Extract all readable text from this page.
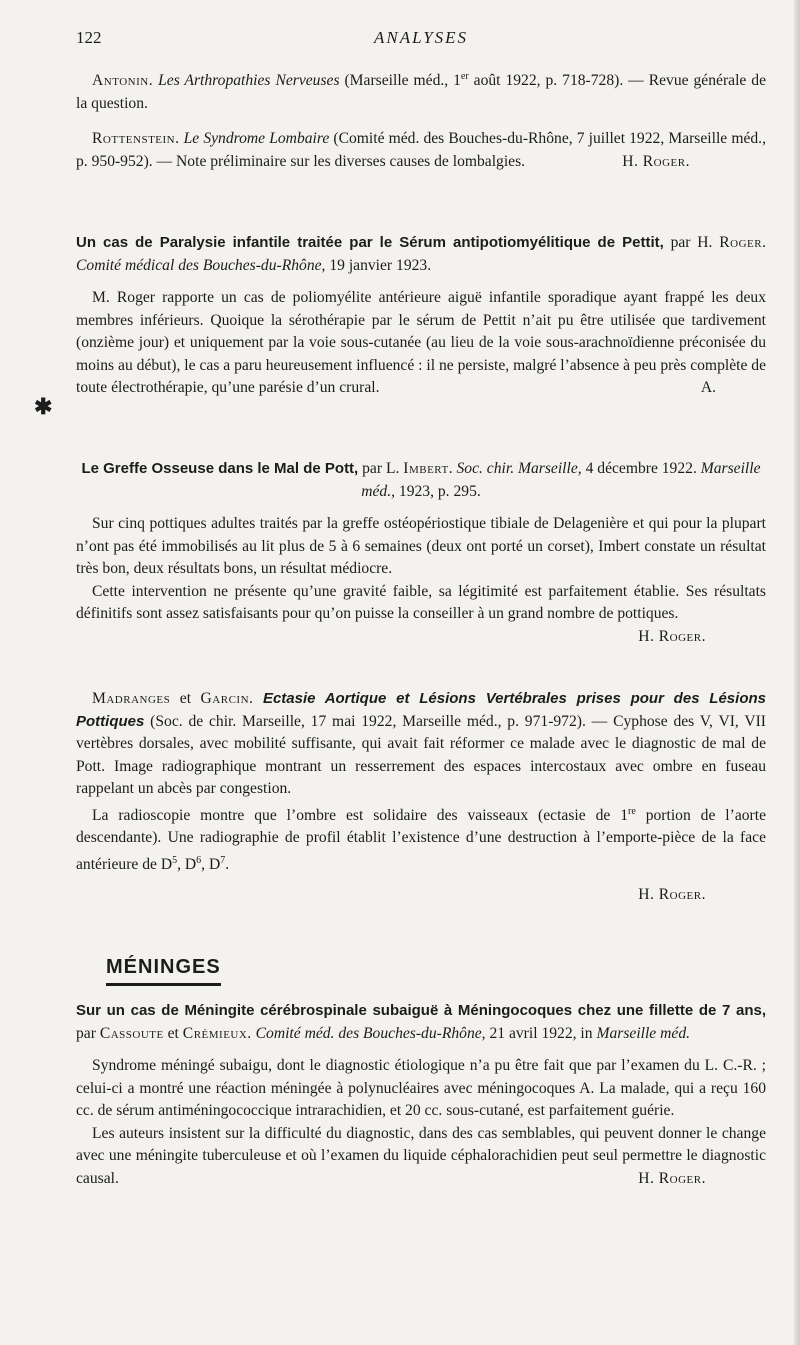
✱
122	ANALYSES

Antonin. Les Arthropathies Nerveuses (Marseille méd., 1er août 1922, p. 718-728). — Revue générale de la question.

Rottenstein. Le Syndrome Lombaire (Comité méd. des Bouches-du-Rhône, 7 juillet 1922, Marseille méd., p. 950-952). — Note préliminaire sur les diverses causes de lombalgies.	H. Roger.

Un cas de Paralysie infantile traitée par le Sérum antipotiomyélitique de Pettit, par H. Roger. Comité médical des Bouches-du-Rhône, 19 janvier 1923.

M. Roger rapporte un cas de poliomyélite antérieure aiguë infantile sporadique ayant frappé les deux membres inférieurs. Quoique la sérothérapie par le sérum de Pettit n’ait pu être utilisée que tardivement (onzième jour) et uniquement par la voie sous-cutanée (au lieu de la voie sous-arachnoïdienne préconisée du moins au début), le cas a paru heureusement influencé : il ne persiste, malgré l’absence à peu près complète de toute électrothérapie, qu’une parésie d’un crural.	A.

Le Greffe Osseuse dans le Mal de Pott, par L. Imbert. Soc. chir. Marseille, 4 décembre 1922. Marseille méd., 1923, p. 295.

Sur cinq pottiques adultes traités par la greffe ostéopériostique tibiale de Delagenière et qui pour la plupart n’ont pas été immobilisés au lit plus de 5 à 6 semaines (deux ont porté un corset), Imbert constate un résultat très bon, deux résultats bons, un résultat médiocre.

Cette intervention ne présente qu’une gravité faible, sa légitimité est parfaitement établie. Ses résultats définitifs sont assez satisfaisants pour qu’on puisse la conseiller à un grand nombre de pottiques.
H. Roger.

Madranges et Garcin. Ectasie Aortique et Lésions Vertébrales prises pour des Lésions Pottiques (Soc. de chir. Marseille, 17 mai 1922, Marseille méd., p. 971-972). — Cyphose des V, VI, VII vertèbres dorsales, avec mobilité suffisante, qui avait fait réformer ce malade avec le diagnostic de mal de Pott. Image radiographique montrant un resserrement des espaces intercostaux avec ombre en fuseau rappelant un abcès par congestion.

La radioscopie montre que l’ombre est solidaire des vaisseaux (ectasie de 1re portion de l’aorte descendante). Une radiographie de profil établit l’existence d’une destruction à l’emporte-pièce de la face antérieure de $D^5$, $D^6$, $D^7$.

H. Roger.

MÉNINGES

Sur un cas de Méningite cérébrospinale subaiguë à Méningocoques chez une fillette de 7 ans, par Cassoute et Crémieux. Comité méd. des Bouches-du-Rhône, 21 avril 1922, in Marseille méd.

Syndrome méningé subaigu, dont le diagnostic étiologique n’a pu être fait que par l’examen du L. C.-R. ; celui-ci a montré une réaction méningée à polynucléaires avec méningocoques A. La malade, qui a reçu 160 cc. de sérum antiméningococcique intrarachidien, et 20 cc. sous-cutané, est parfaitement guérie.

Les auteurs insistent sur la difficulté du diagnostic, dans des cas semblables, qui peuvent donner le change avec une méningite tuberculeuse et où l’examen du liquide céphalorachidien peut seul permettre le diagnostic causal.	H. Roger.
